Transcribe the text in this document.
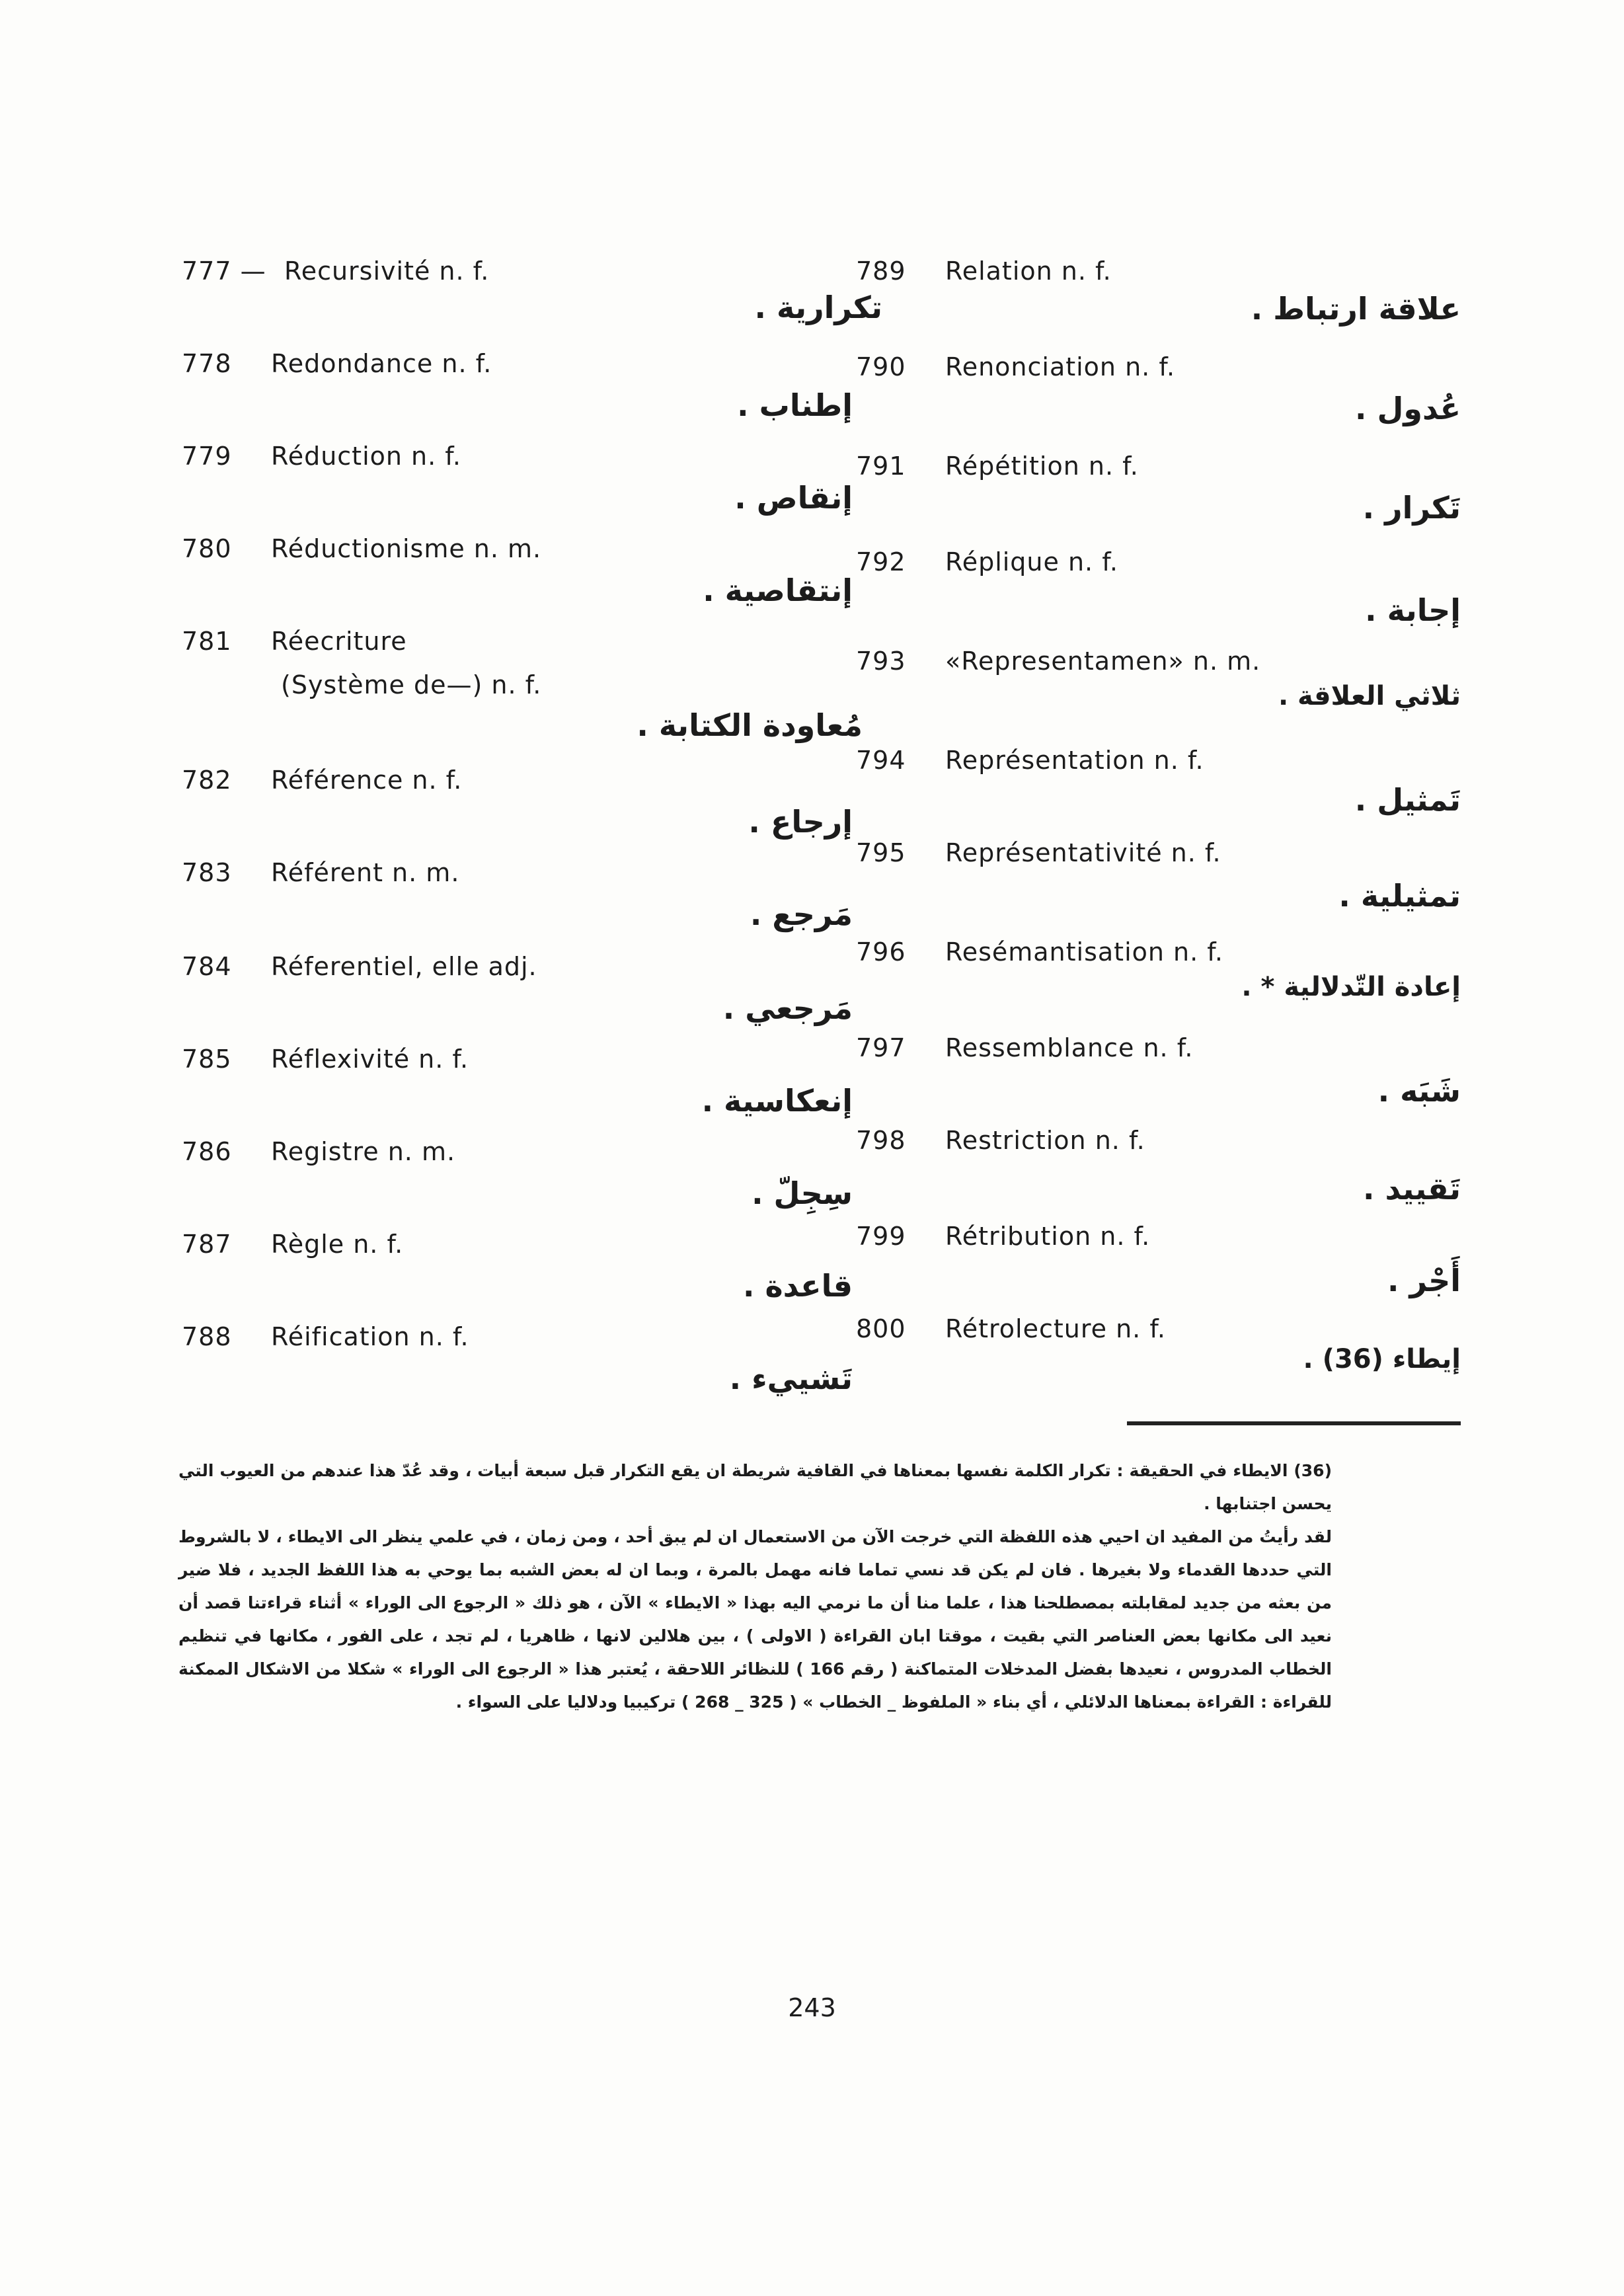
777 — Recursivité n. f.
تكرارية .
778 Redondance n. f.
إطناب .
779 Réduction n. f.
إنقاص .
780 Réductionisme n. m.
إنتقاصية .
781 Réecriture
(Système de—) n. f.
مُعاودة الكتابة .
782 Référence n. f.
إرجاع .
783 Référent n. m.
مَرجع .
784 Réferentiel, elle adj.
مَرجعي .
785 Réflexivité n. f.
إنعكاسية .
786 Registre n. m.
سِجِلّ .
787 Règle n. f.
قاعدة .
788 Réification n. f.
تَشييء .
789 Relation n. f.
علاقة ارتباط .
790 Renonciation n. f.
عُدول .
791 Répétition n. f.
تَكرار .
792 Réplique n. f.
إجابة .
793 «Representamen» n. m.
ثلاثي العلاقة .
794 Représentation n. f.
تَمثيل .
795 Représentativité n. f.
تمثيلية .
796 Resémantisation n. f.
إعادة التّدلالية * .
797 Ressemblance n. f.
شَبَه .
798 Restriction n. f.
تَقييد .
799 Rétribution n. f.
أَجْر .
800 Rétrolecture n. f.
إيطاء (36) .

(36) الايطاء في الحقيقة : تكرار الكلمة نفسها بمعناها في القافية شريطة ان يقع التكرار قبل سبعة أبيات ، وقد عُدّ هذا عندهم من العيوب التي يحسن اجتنابها .

لقد رأيتُ من المفيد ان احيي هذه اللفظة التي خرجت الآن من الاستعمال ان لم يبق أحد ، ومن زمان ، في علمي ينظر الى الايطاء ، لا بالشروط التي حددها القدماء ولا بغيرها . فان لم يكن قد نسي تماما فانه مهمل بالمرة ، وبما ان له بعض الشبه بما يوحي به هذا اللفظ الجديد ، فلا ضير من بعثه من جديد لمقابلته بمصطلحنا هذا ، علما منا أن ما نرمي اليه بهذا « الايطاء » الآن ، هو ذلك « الرجوع الى الوراء » أثناء قراءتنا قصد أن نعيد الى مكانها بعض العناصر التي بقيت ، موقتا ابان القراءة ( الاولى ) ، بين هلالين لانها ، ظاهريا ، لم تجد ، على الفور ، مكانها في تنظيم الخطاب المدروس ، نعيدها بفضل المدخلات المتماكنة ( رقم 166 ) للنظائر اللاحقة ، يُعتبر هذا « الرجوع الى الوراء » شكلا من الاشكال الممكنة للقراءة : القراءة بمعناها الدلائلي ، أي بناء « الملفوظ _ الخطاب » ( 325 _ 268 ) تركيبيا ودلاليا على السواء .

243
